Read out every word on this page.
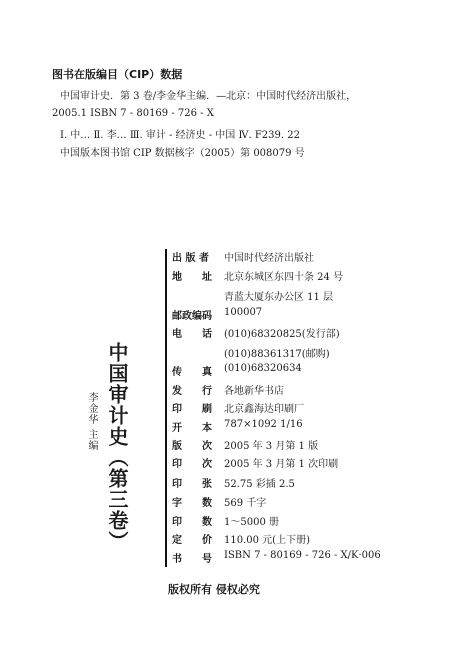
图书在版编目（CIP）数据
中国审计史．第 3 卷/李金华主编．—北京：中国时代经济出版社，
2005.1 ISBN 7 - 80169 - 726 - X
Ⅰ. 中… Ⅱ. 李… Ⅲ. 审计 - 经济史 - 中国 Ⅳ. F239. 22
中国版本图书馆 CIP 数据核字（2005）第 008079 号
中国审计史（第三卷）
李金华 主编
出 版 者	中国时代经济出版社
地　　址	北京东城区东四十条 24 号
青蓝大厦东办公区 11 层
邮政编码	100007
电　　话	(010)68320825(发行部)
(010)88361317(邮购)
传　　真	(010)68320634
发　　行	各地新华书店
印　　刷	北京鑫海达印刷厂
开　　本	787×1092 1/16
版　　次	2005 年 3 月第 1 版
印　　次	2005 年 3 月第 1 次印刷
印　　张	52.75 彩插 2.5
字　　数	569 千字
印　　数	1～5000 册
定　　价	110.00 元(上下册)
书　　号	ISBN 7 - 80169 - 726 - X/K·006
版权所有 侵权必究
